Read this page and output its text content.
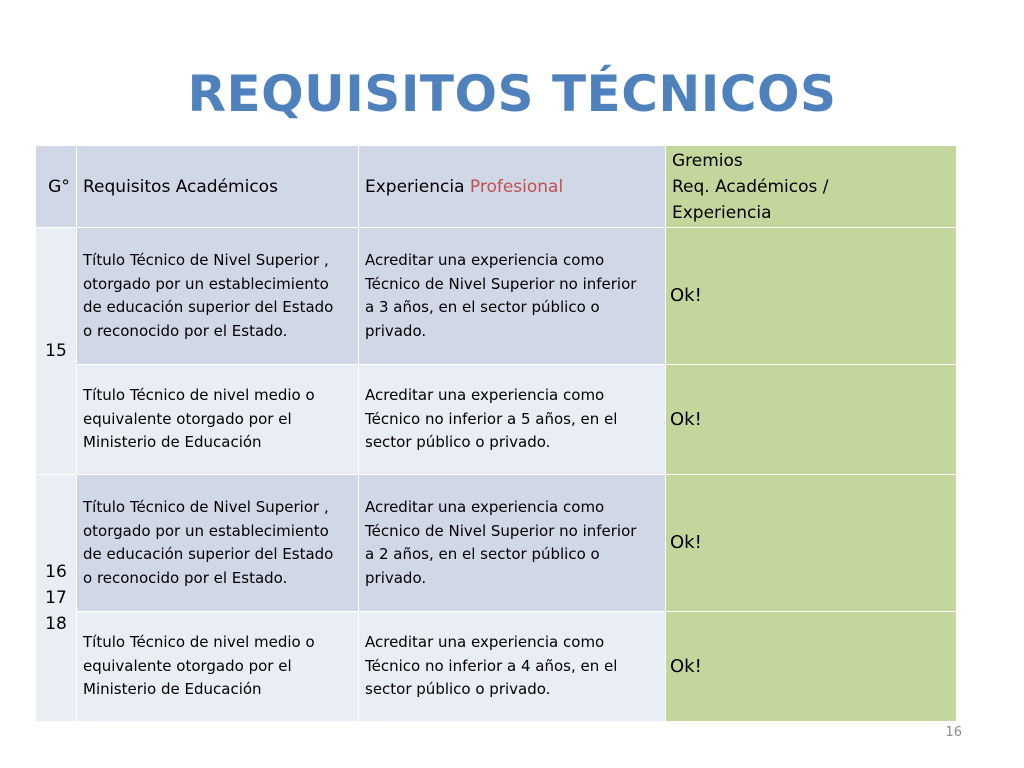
REQUISITOS TÉCNICOS
G°	Requisitos Académicos	Experiencia Profesional	Gremios
Req. Académicos /
Experiencia

15	Título Técnico de Nivel Superior ,
otorgado por un establecimiento
de educación superior del Estado
o reconocido por el Estado.	Acreditar una experiencia como
Técnico de Nivel Superior no inferior
a 3 años, en el sector público o
privado.	Ok!

	Título Técnico de nivel medio o
equivalente otorgado por el
Ministerio de Educación	Acreditar una experiencia como
Técnico no inferior a 5 años, en el
sector público o privado.	Ok!

16
17
18	Título Técnico de Nivel Superior ,
otorgado por un establecimiento
de educación superior del Estado
o reconocido por el Estado.	Acreditar una experiencia como
Técnico de Nivel Superior no inferior
a 2 años, en el sector público o
privado.	Ok!

	Título Técnico de nivel medio o
equivalente otorgado por el
Ministerio de Educación	Acreditar una experiencia como
Técnico no inferior a 4 años, en el
sector público o privado.	Ok!
16
